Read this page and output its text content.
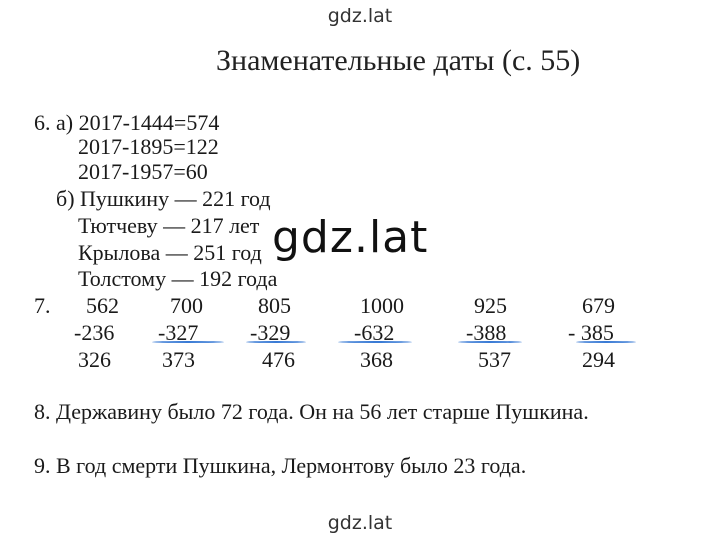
gdz.lat
Знаменательные даты (с. 55)
6. а) 2017-1444=574
2017-1895=122
2017-1957=60
б) Пушкину — 221 год
Тютчеву — 217 лет
Крылова — 251 год
Толстому — 192 года
gdz.lat
7. 562
-236
326
700
-327
373
805
-329
476
1000
-632
368
925
-388
537
679
- 385
294
8. Державину было 72 года. Он на 56 лет старше Пушкина.
9. В год смерти Пушкина, Лермонтову было 23 года.
gdz.lat
